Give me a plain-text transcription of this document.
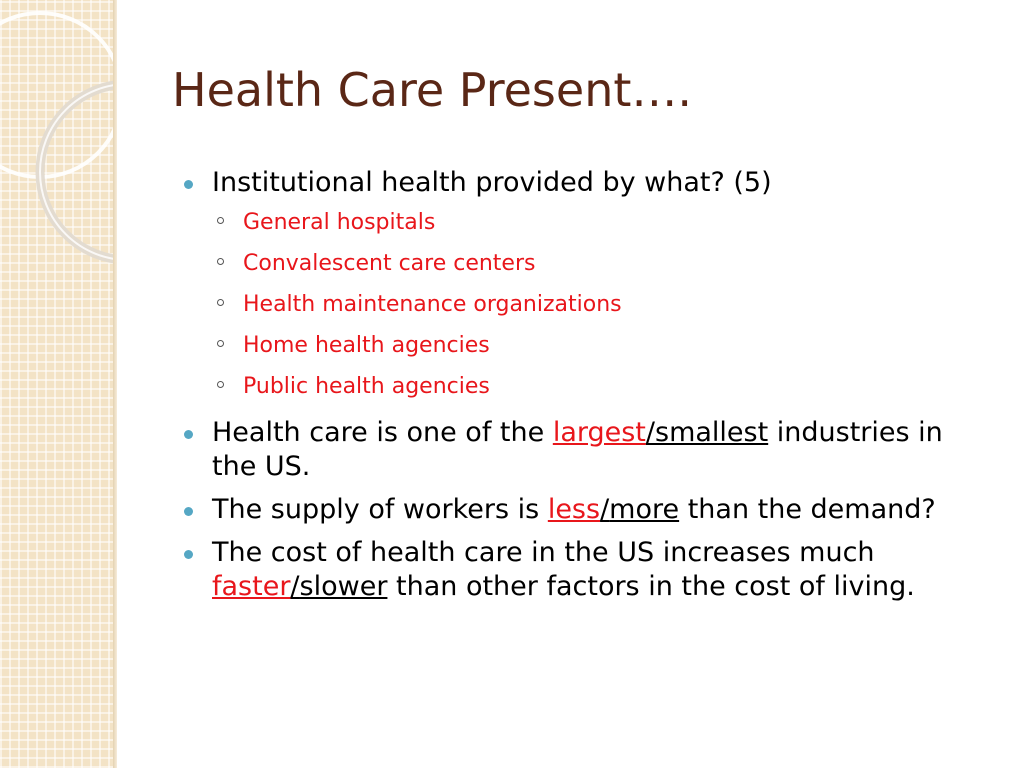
Health Care Present….
Institutional health provided by what? (5)
General hospitals
Convalescent care centers
Health maintenance organizations
Home health agencies
Public health agencies
Health care is one of the largest/smallest industries in the US.
The supply of workers is less/more than the demand?
The cost of health care in the US increases much faster/slower than other factors in the cost of living.
